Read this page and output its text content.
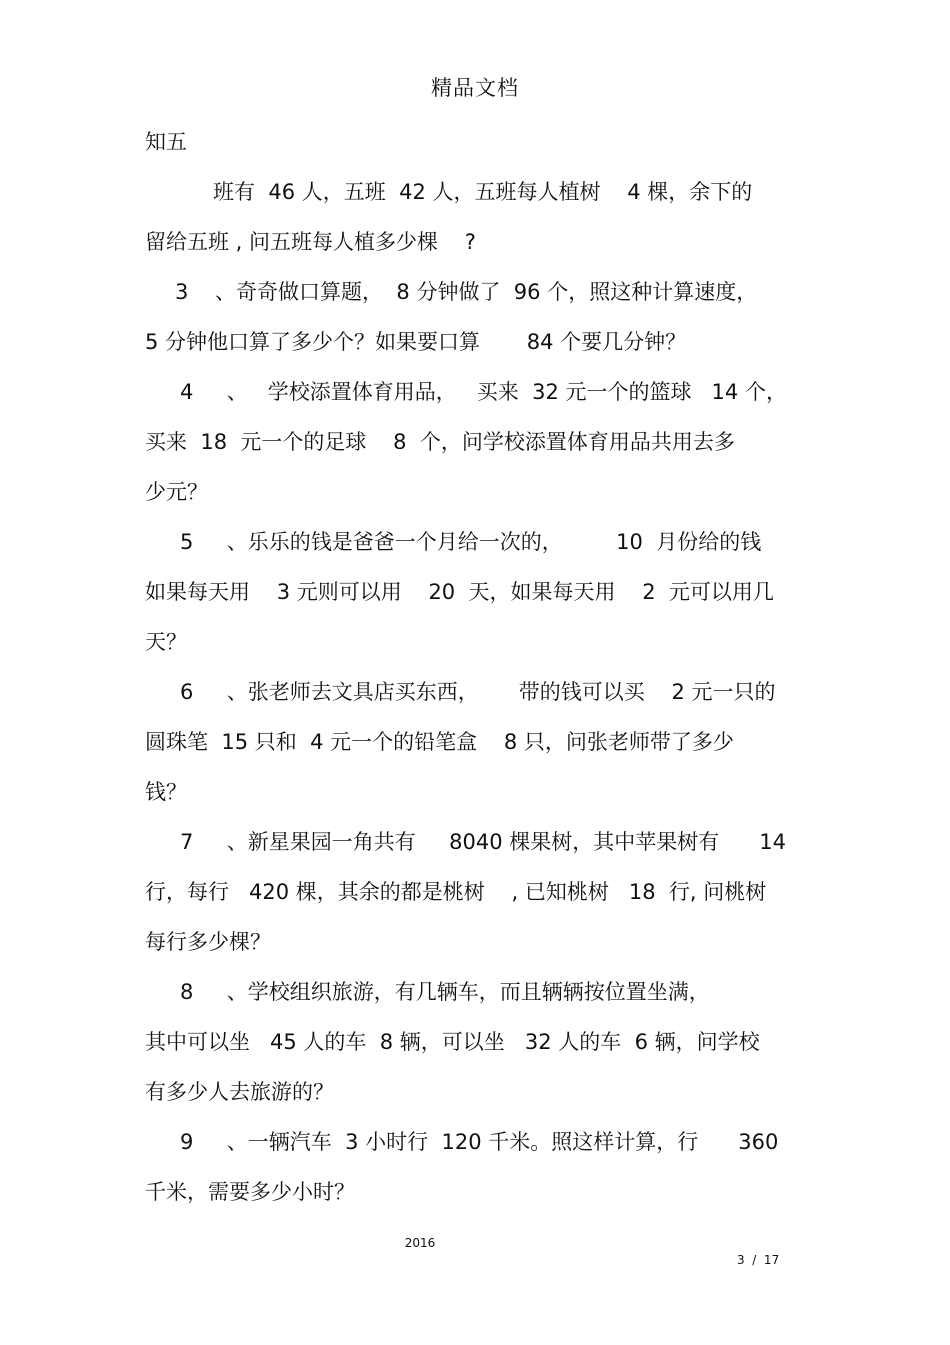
精品文档
知五
班有  46 人，五班  42 人，五班每人植树    4 棵，余下的
留给五班 , 问五班每人植多少棵    ?
3    、奇奇做口算题，  8 分钟做了  96 个，照这种计算速度，
5 分钟他口算了多少个？如果要口算       84 个要几分钟？
4     、   学校添置体育用品，   买来  32 元一个的篮球   14 个，
买来  18  元一个的足球    8  个，问学校添置体育用品共用去多
少元？
5     、乐乐的钱是爸爸一个月给一次的，        10  月份给的钱
如果每天用    3 元则可以用    20  天，如果每天用    2  元可以用几
天？
6     、张老师去文具店买东西，      带的钱可以买    2 元一只的
圆珠笔  15 只和  4 元一个的铅笔盒    8 只，问张老师带了多少
钱？
7     、新星果园一角共有     8040 棵果树，其中苹果树有      14
行，每行   420 棵，其余的都是桃树    , 已知桃树   18  行, 问桃树
每行多少棵？
8     、学校组织旅游，有几辆车，而且辆辆按位置坐满，
其中可以坐   45 人的车  8 辆，可以坐   32 人的车  6 辆，问学校
有多少人去旅游的？
9     、一辆汽车  3 小时行  120 千米。照这样计算，行      360
千米，需要多少小时？
2016
3  /  17
